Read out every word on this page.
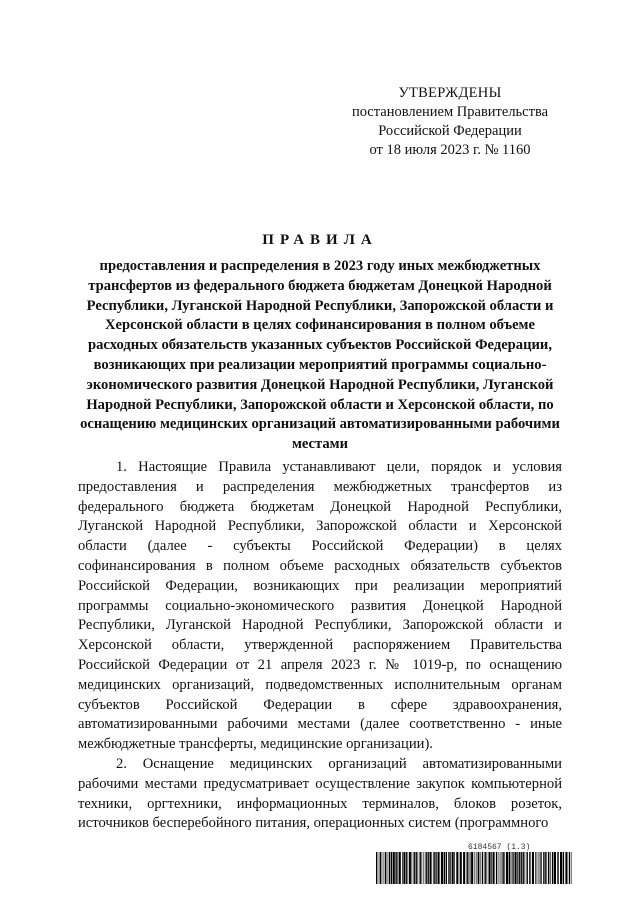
УТВЕРЖДЕНЫ
постановлением Правительства
Российской Федерации
от 18 июля 2023 г. № 1160
ПРАВИЛА
предоставления и распределения в 2023 году иных межбюджетных трансфертов из федерального бюджета бюджетам Донецкой Народной Республики, Луганской Народной Республики, Запорожской области и Херсонской области в целях софинансирования в полном объеме расходных обязательств указанных субъектов Российской Федерации, возникающих при реализации мероприятий программы социально-экономического развития Донецкой Народной Республики, Луганской Народной Республики, Запорожской области и Херсонской области, по оснащению медицинских организаций автоматизированными рабочими местами

1. Настоящие Правила устанавливают цели, порядок и условия предоставления и распределения межбюджетных трансфертов из федерального бюджета бюджетам Донецкой Народной Республики, Луганской Народной Республики, Запорожской области и Херсонской области (далее - субъекты Российской Федерации) в целях софинансирования в полном объеме расходных обязательств субъектов Российской Федерации, возникающих при реализации мероприятий программы социально-экономического развития Донецкой Народной Республики, Луганской Народной Республики, Запорожской области и Херсонской области, утвержденной распоряжением Правительства Российской Федерации от 21 апреля 2023 г. № 1019-р, по оснащению медицинских организаций, подведомственных исполнительным органам субъектов Российской Федерации в сфере здравоохранения, автоматизированными рабочими местами (далее соответственно - иные межбюджетные трансферты, медицинские организации).

2. Оснащение медицинских организаций автоматизированными рабочими местами предусматривает осуществление закупок компьютерной техники, оргтехники, информационных терминалов, блоков розеток, источников бесперебойного питания, операционных систем (программного

6184567 (1.3)
